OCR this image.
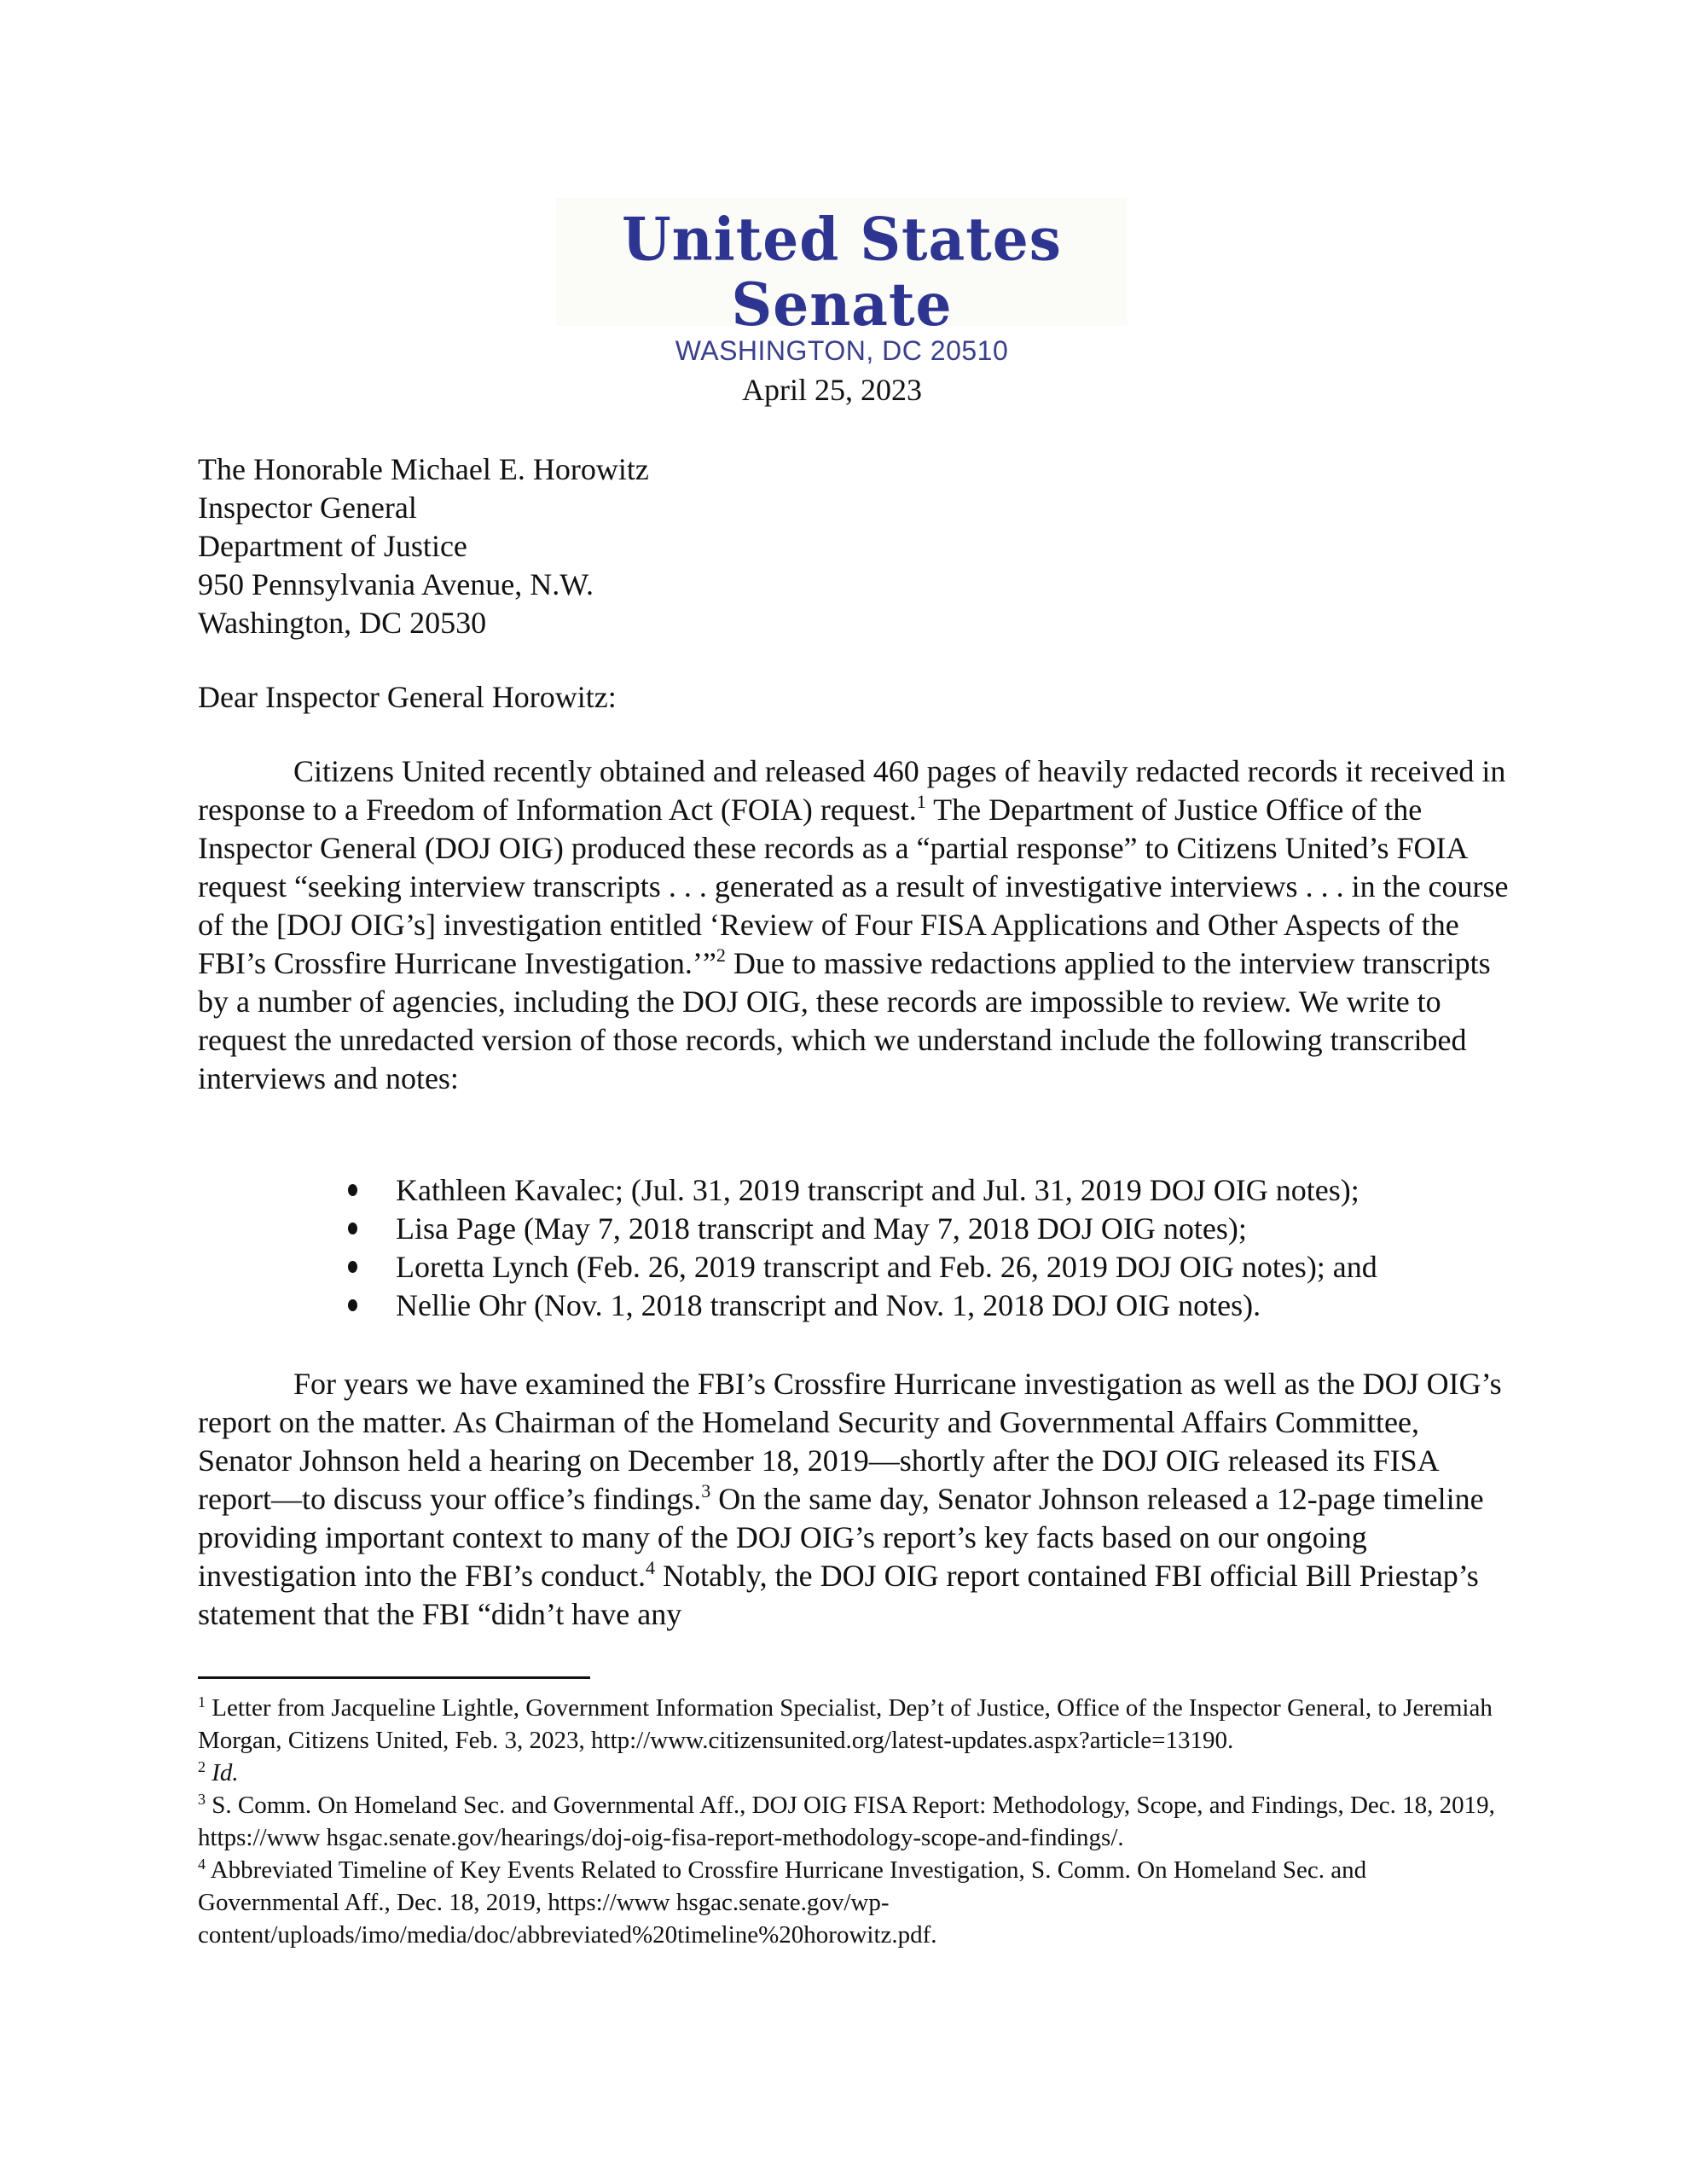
United States Senate
WASHINGTON, DC 20510
April 25, 2023
The Honorable Michael E. Horowitz
Inspector General
Department of Justice
950 Pennsylvania Avenue, N.W.
Washington, DC 20530
Dear Inspector General Horowitz:

Citizens United recently obtained and released 460 pages of heavily redacted records it received in response to a Freedom of Information Act (FOIA) request.$^1$ The Department of Justice Office of the Inspector General (DOJ OIG) produced these records as a “partial response” to Citizens United’s FOIA request “seeking interview transcripts . . . generated as a result of investigative interviews . . . in the course of the [DOJ OIG’s] investigation entitled ‘Review of Four FISA Applications and Other Aspects of the FBI’s Crossfire Hurricane Investigation.’”$^2$ Due to massive redactions applied to the interview transcripts by a number of agencies, including the DOJ OIG, these records are impossible to review. We write to request the unredacted version of those records, which we understand include the following transcribed interviews and notes:

Kathleen Kavalec; (Jul. 31, 2019 transcript and Jul. 31, 2019 DOJ OIG notes);
Lisa Page (May 7, 2018 transcript and May 7, 2018 DOJ OIG notes);
Loretta Lynch (Feb. 26, 2019 transcript and Feb. 26, 2019 DOJ OIG notes); and
Nellie Ohr (Nov. 1, 2018 transcript and Nov. 1, 2018 DOJ OIG notes).

For years we have examined the FBI’s Crossfire Hurricane investigation as well as the DOJ OIG’s report on the matter. As Chairman of the Homeland Security and Governmental Affairs Committee, Senator Johnson held a hearing on December 18, 2019—shortly after the DOJ OIG released its FISA report—to discuss your office’s findings.$^3$ On the same day, Senator Johnson released a 12-page timeline providing important context to many of the DOJ OIG’s report’s key facts based on our ongoing investigation into the FBI’s conduct.$^4$ Notably, the DOJ OIG report contained FBI official Bill Priestap’s statement that the FBI “didn’t have any

$^1$ Letter from Jacqueline Lightle, Government Information Specialist, Dep’t of Justice, Office of the Inspector General, to Jeremiah Morgan, Citizens United, Feb. 3, 2023, http://www.citizensunited.org/latest-updates.aspx?article=13190.

$^2$ Id.

$^3$ S. Comm. On Homeland Sec. and Governmental Aff., DOJ OIG FISA Report: Methodology, Scope, and Findings, Dec. 18, 2019, https://www hsgac.senate.gov/hearings/doj-oig-fisa-report-methodology-scope-and-findings/.

$^4$ Abbreviated Timeline of Key Events Related to Crossfire Hurricane Investigation, S. Comm. On Homeland Sec. and Governmental Aff., Dec. 18, 2019, https://www hsgac.senate.gov/wp-content/uploads/imo/media/doc/abbreviated%20timeline%20horowitz.pdf.
